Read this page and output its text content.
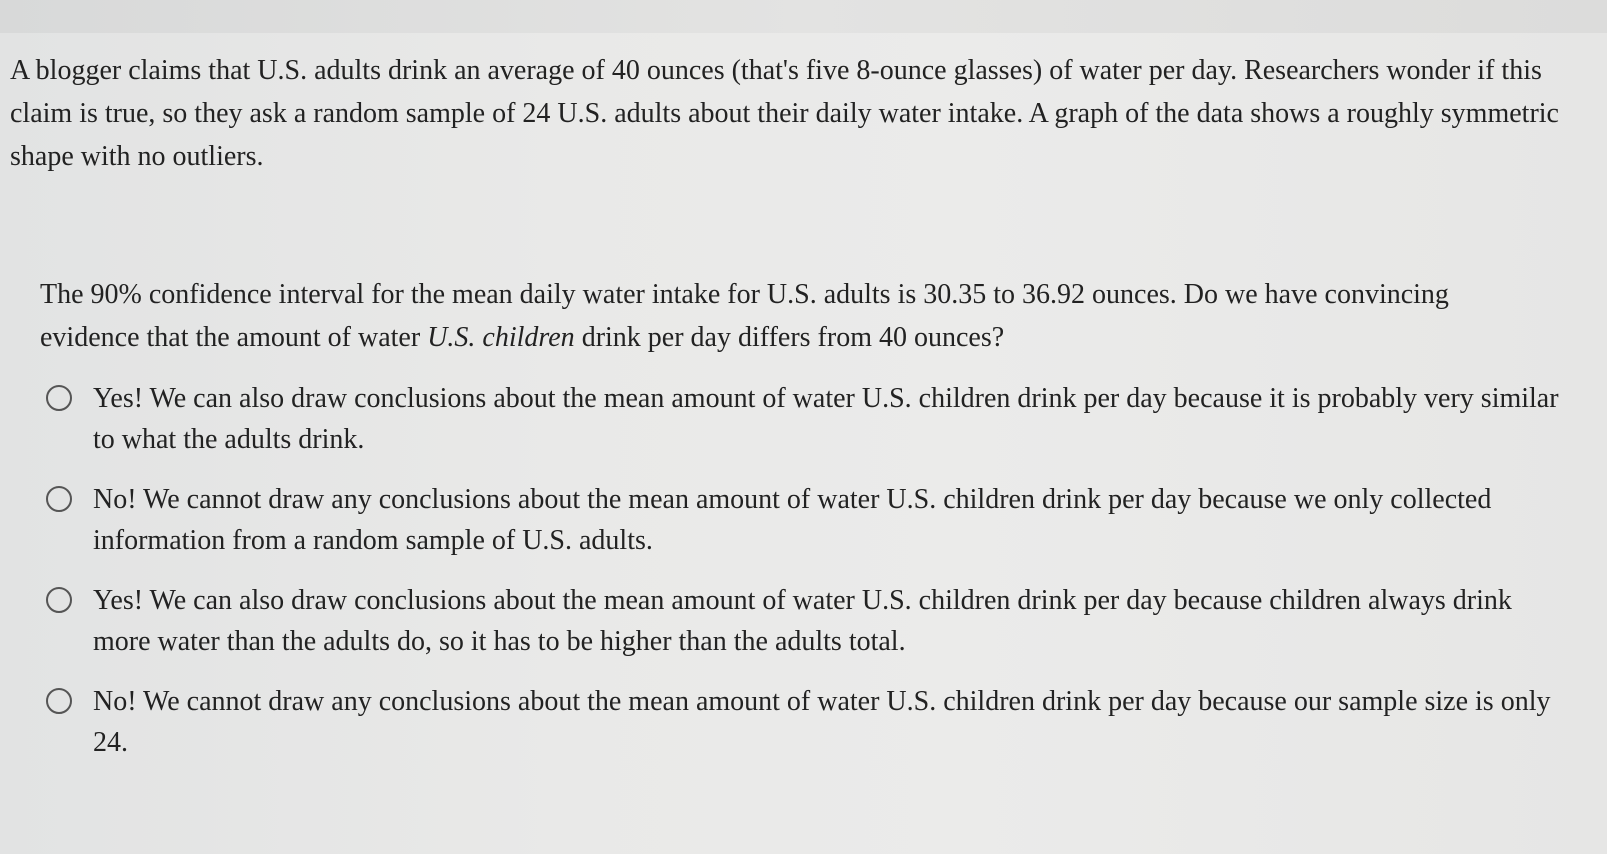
A blogger claims that U.S. adults drink an average of 40 ounces (that's five 8-ounce glasses) of water per day. Researchers wonder if this claim is true, so they ask a random sample of 24 U.S. adults about their daily water intake. A graph of the data shows a roughly symmetric shape with no outliers.

The 90% confidence interval for the mean daily water intake for U.S. adults is 30.35 to 36.92 ounces. Do we have convincing evidence that the amount of water U.S. children drink per day differs from 40 ounces?

Yes! We can also draw conclusions about the mean amount of water U.S. children drink per day because it is probably very similar to what the adults drink.
No! We cannot draw any conclusions about the mean amount of water U.S. children drink per day because we only collected information from a random sample of U.S. adults.
Yes! We can also draw conclusions about the mean amount of water U.S. children drink per day because children always drink more water than the adults do, so it has to be higher than the adults total.
No! We cannot draw any conclusions about the mean amount of water U.S. children drink per day because our sample size is only 24.
